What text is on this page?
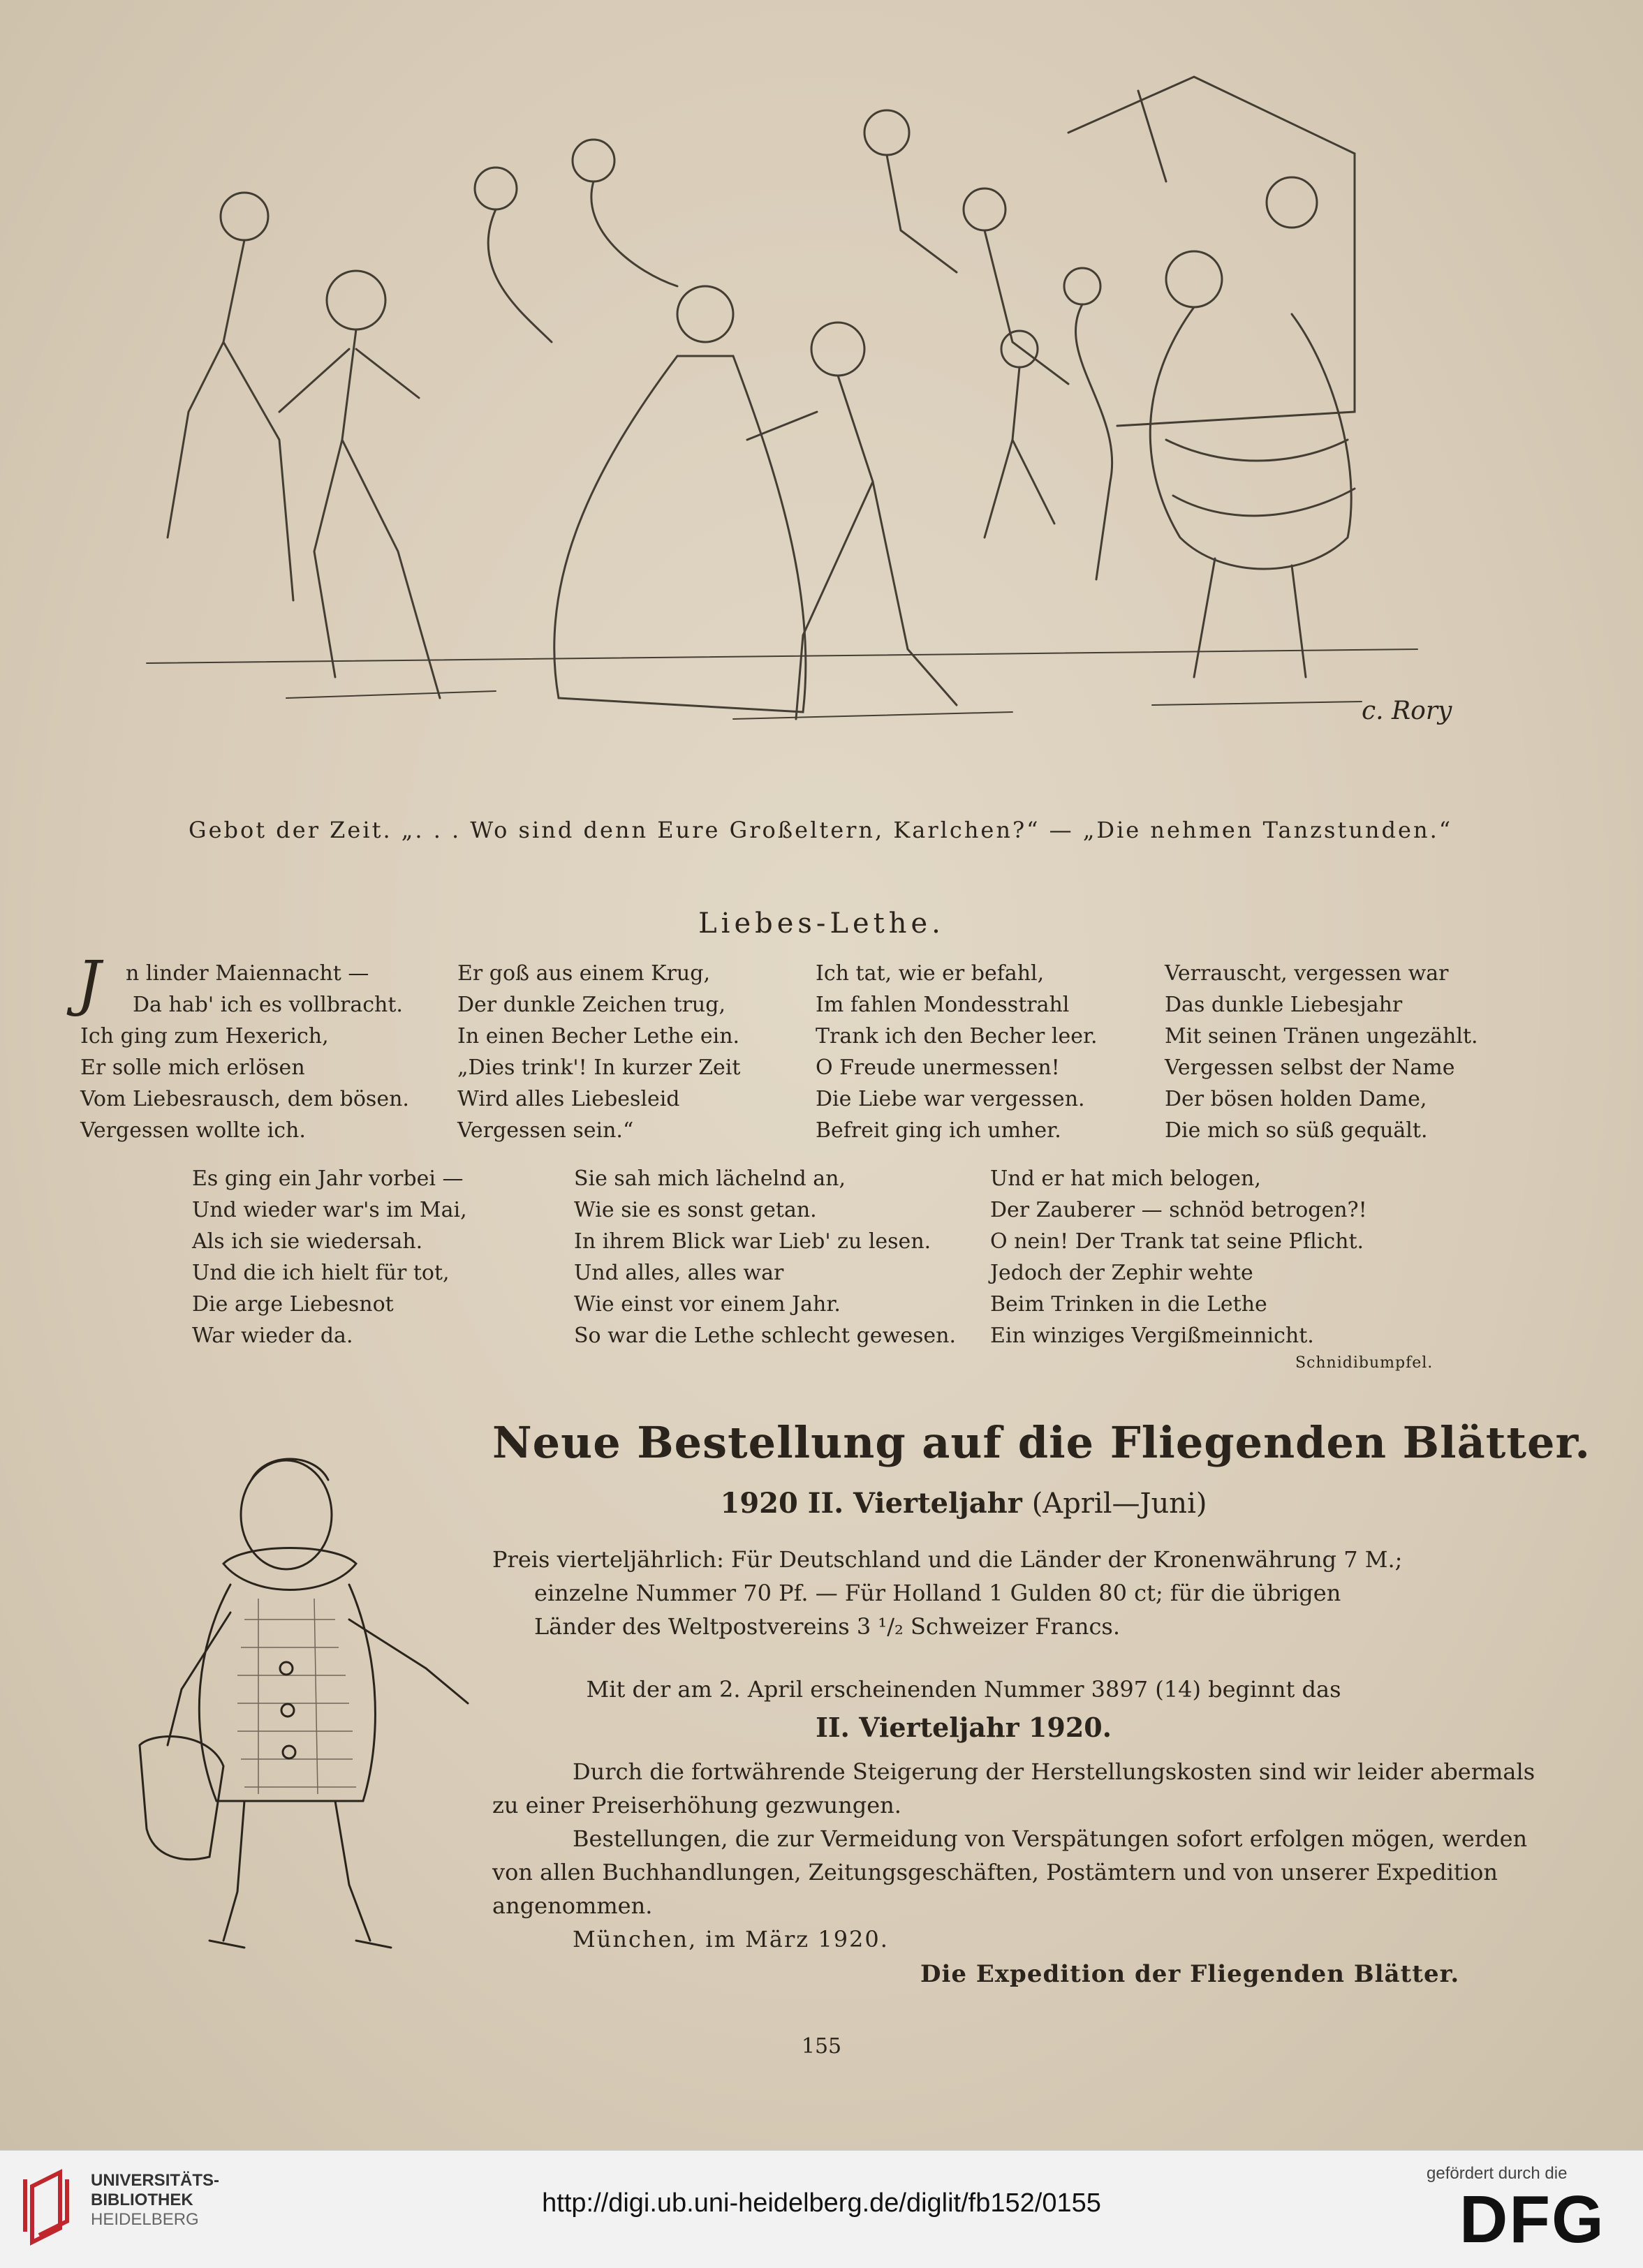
c. Rory
Gebot der Zeit. „. . . Wo sind denn Eure Großeltern, Karlchen?“ — „Die nehmen Tanzstunden.“
Liebes-Lethe.
J n linder Maiennacht —
Da hab' ich es vollbracht.
Ich ging zum Hexerich,
Er solle mich erlösen
Vom Liebesrausch, dem bösen.
Vergessen wollte ich.
Er goß aus einem Krug,
Der dunkle Zeichen trug,
In einen Becher Lethe ein.
„Dies trink'! In kurzer Zeit
Wird alles Liebesleid
Vergessen sein.“
Ich tat, wie er befahl,
Im fahlen Mondesstrahl
Trank ich den Becher leer.
O Freude unermessen!
Die Liebe war vergessen.
Befreit ging ich umher.
Verrauscht, vergessen war
Das dunkle Liebesjahr
Mit seinen Tränen ungezählt.
Vergessen selbst der Name
Der bösen holden Dame,
Die mich so süß gequält.
Es ging ein Jahr vorbei —
Und wieder war's im Mai,
Als ich sie wiedersah.
Und die ich hielt für tot,
Die arge Liebesnot
War wieder da.
Sie sah mich lächelnd an,
Wie sie es sonst getan.
In ihrem Blick war Lieb' zu lesen.
Und alles, alles war
Wie einst vor einem Jahr.
So war die Lethe schlecht gewesen.
Und er hat mich belogen,
Der Zauberer — schnöd betrogen?!
O nein! Der Trank tat seine Pflicht.
Jedoch der Zephir wehte
Beim Trinken in die Lethe
Ein winziges Vergißmeinnicht.
Schnidibumpfel.
Neue Bestellung auf die Fliegenden Blätter.
1920 II. Vierteljahr (April—Juni)
Preis vierteljährlich: Für Deutschland und die Länder der Kronenwährung 7 M.;
einzelne Nummer 70 Pf. — Für Holland 1 Gulden 80 ct; für die übrigen
Länder des Weltpostvereins 3 ¹/₂ Schweizer Francs.
Mit der am 2. April erscheinenden Nummer 3897 (14) beginnt das
II. Vierteljahr 1920.
Durch die fortwährende Steigerung der Herstellungskosten sind wir leider abermals
zu einer Preiserhöhung gezwungen.
Bestellungen, die zur Vermeidung von Verspätungen sofort erfolgen mögen, werden
von allen Buchhandlungen, Zeitungsgeschäften, Postämtern und von unserer Expedition
angenommen.
München, im März 1920.
Die Expedition der Fliegenden Blätter.
155
UNIVERSITÄTS-
BIBLIOTHEK
HEIDELBERG
http://digi.ub.uni-heidelberg.de/diglit/fb152/0155
gefördert durch die
DFG
